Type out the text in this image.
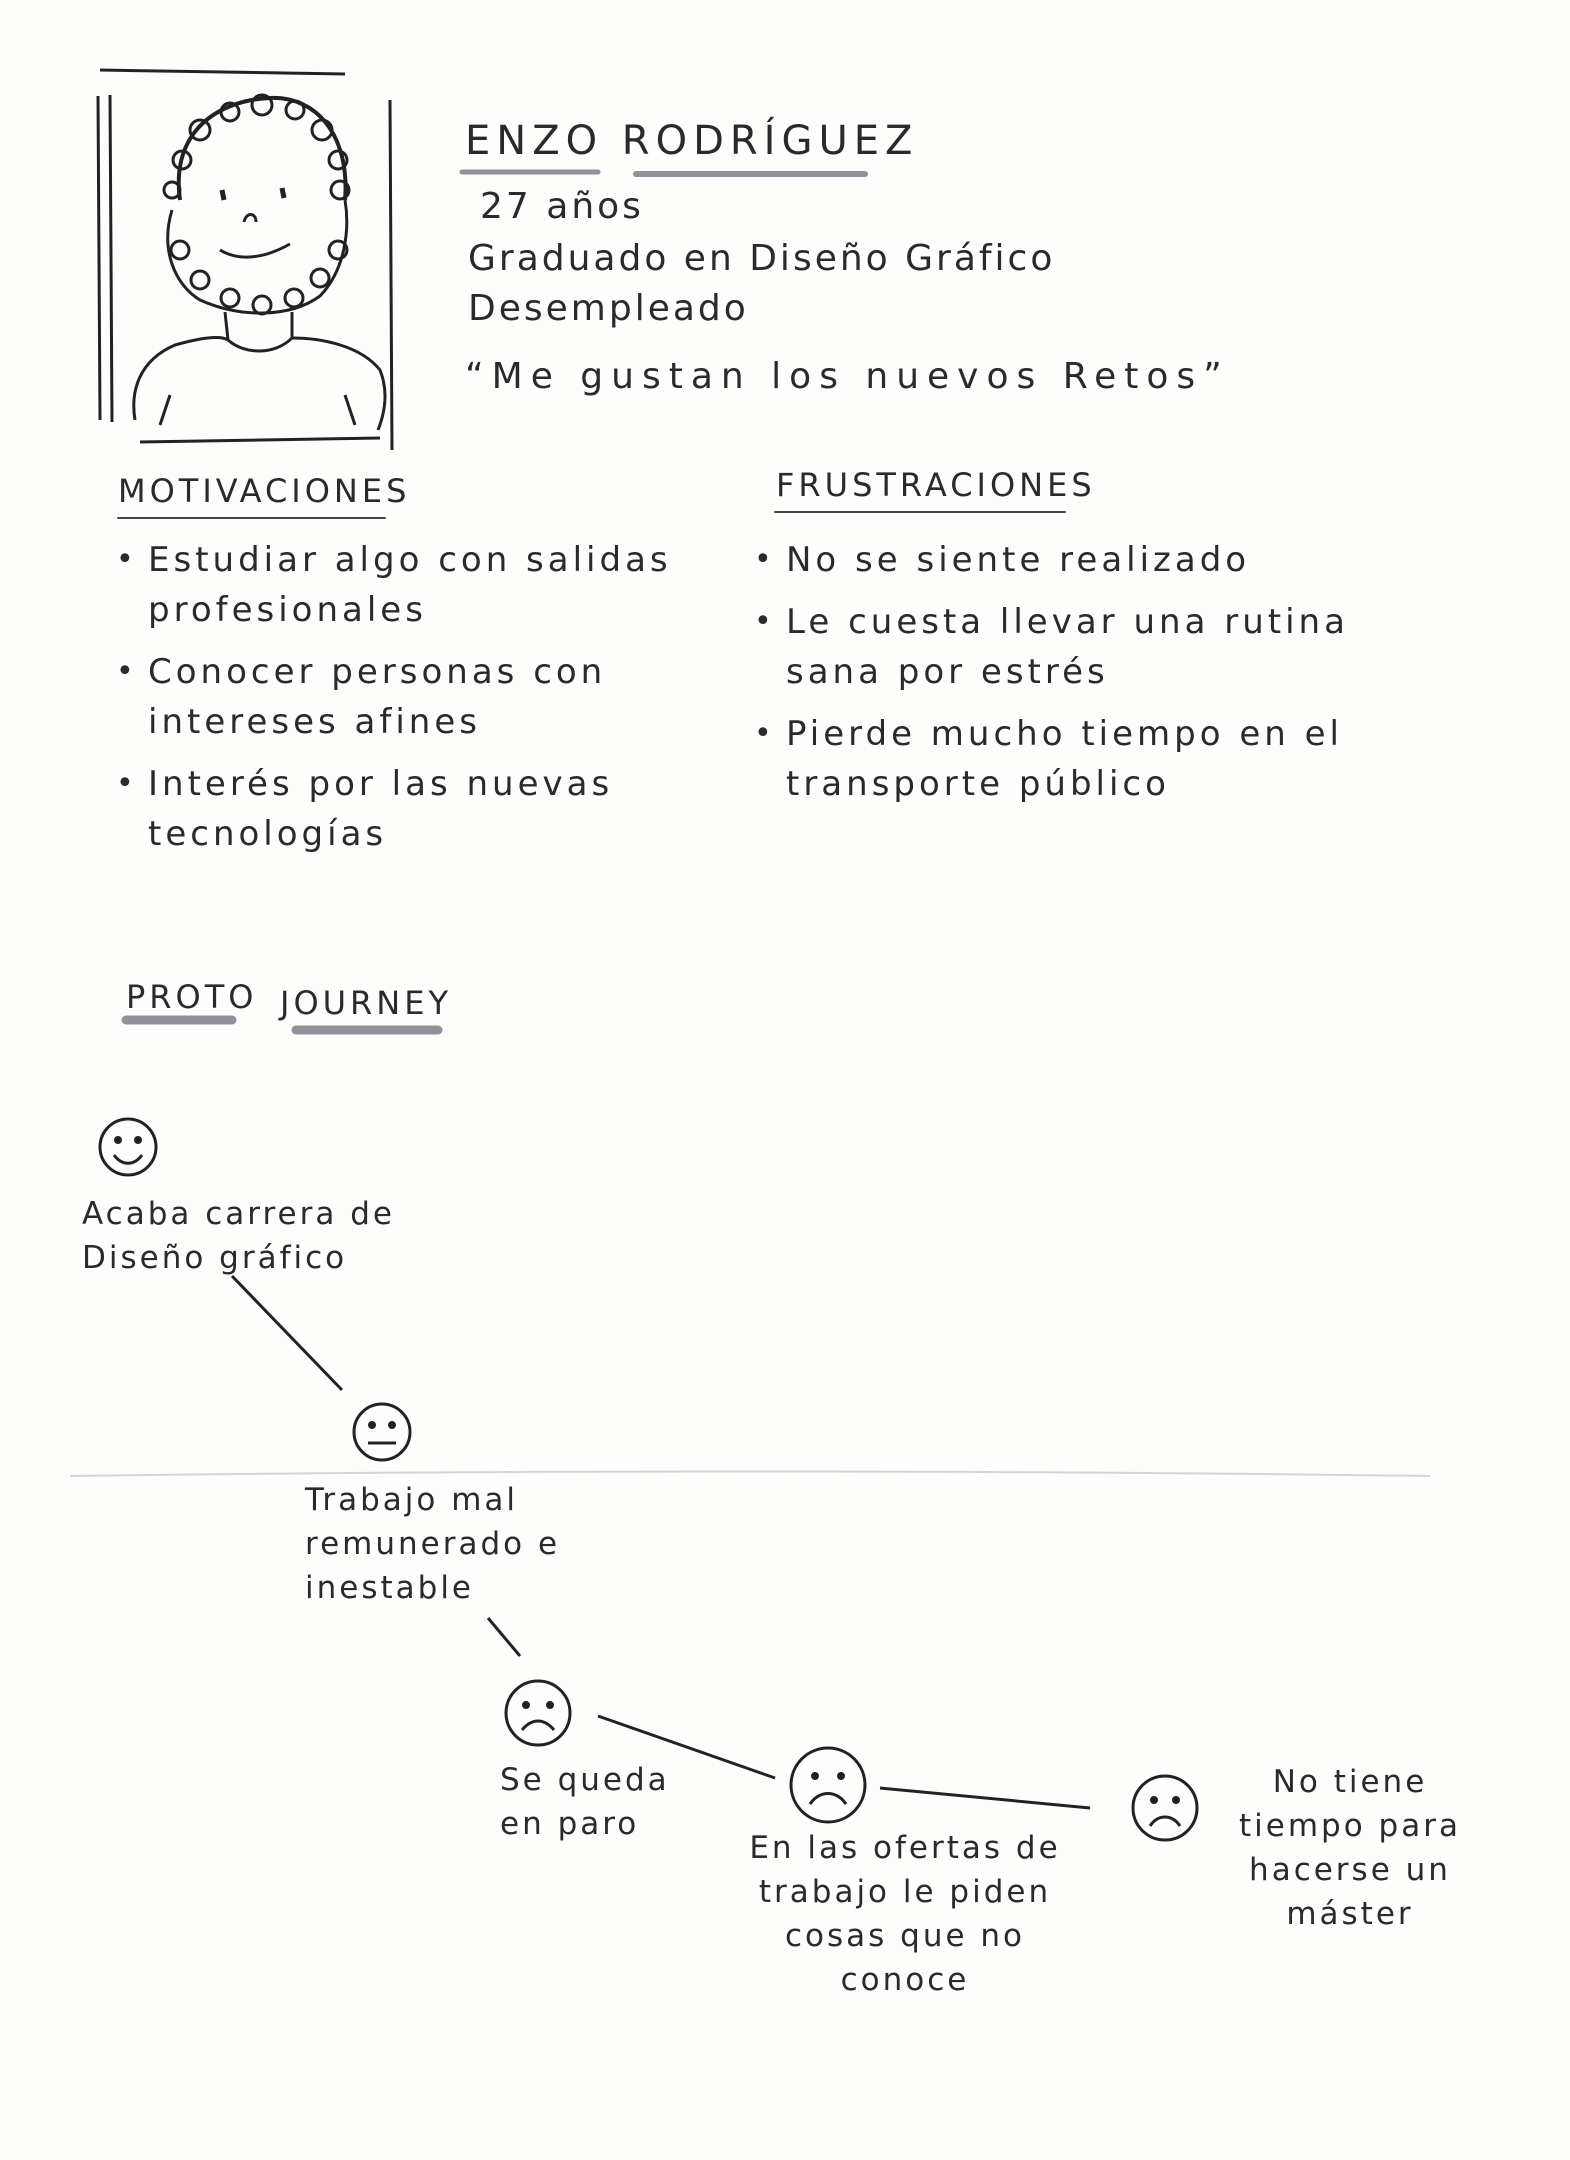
ENZO RODRÍGUEZ
27 años
Graduado en Diseño Gráfico
Desempleado
“Me gustan los nuevos Retos”
MOTIVACIONES
• Estudiar algo con salidas profesionales
• Conocer personas con intereses afines
• Interés por las nuevas tecnologías
FRUSTRACIONES
• No se siente realizado
• Le cuesta llevar una rutina sana por estrés
• Pierde mucho tiempo en el transporte público
PROTO JOURNEY
Acaba carrera de Diseño gráfico
Trabajo mal remunerado e inestable
Se queda en paro
En las ofertas de trabajo le piden cosas que no conoce
No tiene tiempo para hacerse un máster
